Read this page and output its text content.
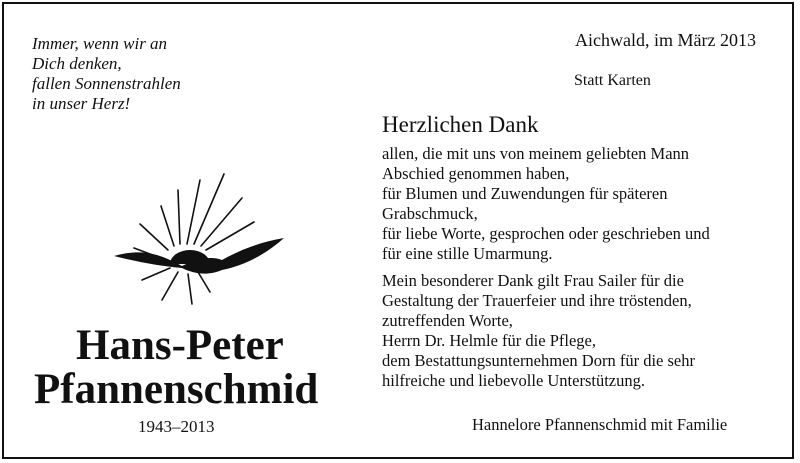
Immer, wenn wir an
Dich denken,
fallen Sonnenstrahlen
in unser Herz!
Aichwald, im März 2013
Statt Karten
Herzlichen Dank
allen, die mit uns von meinem geliebten Mann
Abschied genommen haben,
für Blumen und Zuwendungen für späteren
Grabschmuck,
für liebe Worte, gesprochen oder geschrieben und
für eine stille Umarmung.
Mein besonderer Dank gilt Frau Sailer für die
Gestaltung der Trauerfeier und ihre tröstenden,
zutreffenden Worte,
Herrn Dr. Helmle für die Pflege,
dem Bestattungsunternehmen Dorn für die sehr
hilfreiche und liebevolle Unterstützung.
Hans-Peter
Pfannenschmid
1943–2013	Hannelore Pfannenschmid mit Familie
